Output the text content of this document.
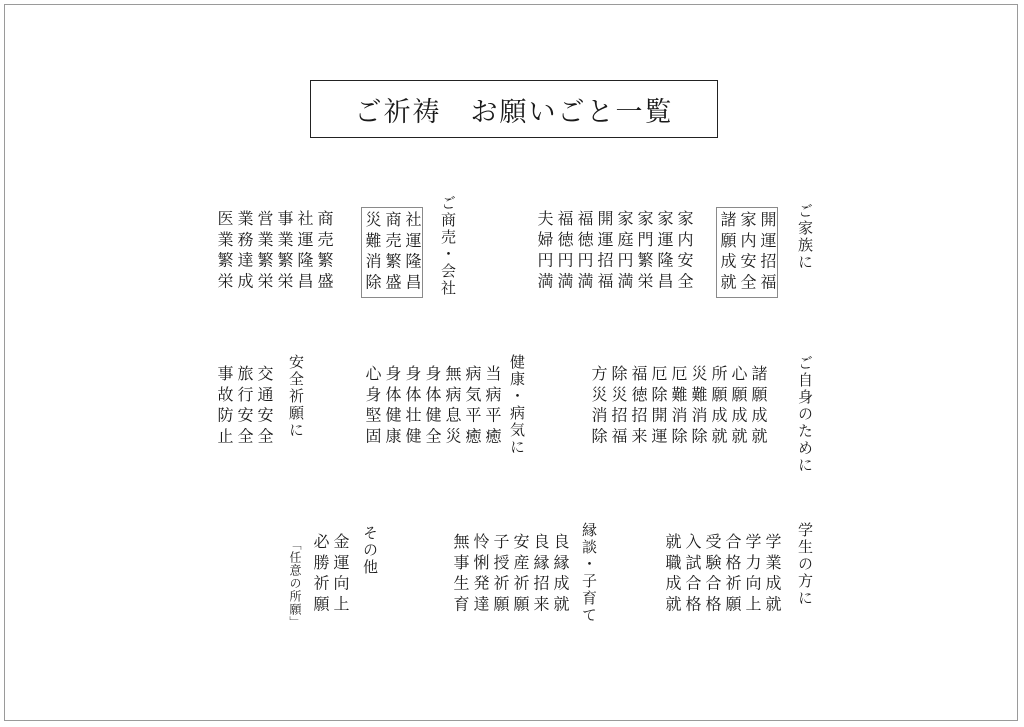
ご祈祷　お願いごと一覧
ご家族に
開運招福
家内安全
諸願成就
家内安全
家運隆昌
家門繁栄
家庭円満
開運招福
福徳円満
福徳円満
夫婦円満
ご商売・会社
社運隆昌
商売繁盛
災難消除
商売繁盛
社運隆昌
事業繁栄
営業繁栄
業務達成
医業繁栄
ご自身のために
諸願成就
心願成就
所願成就
災難消除
厄難消除
厄除開運
福徳招来
除災招福
方災消除
健康・病気に
当病平癒
病気平癒
無病息災
身体健全
身体壮健
身体健康
心身堅固
安全祈願に
交通安全
旅行安全
事故防止
学生の方に
学業成就
学力向上
合格祈願
受験合格
入試合格
就職成就
縁談・子育て
良縁成就
良縁招来
安産祈願
子授祈願
怜悧発達
無事生育
その他
金運向上
必勝祈願
「任意の所願」
